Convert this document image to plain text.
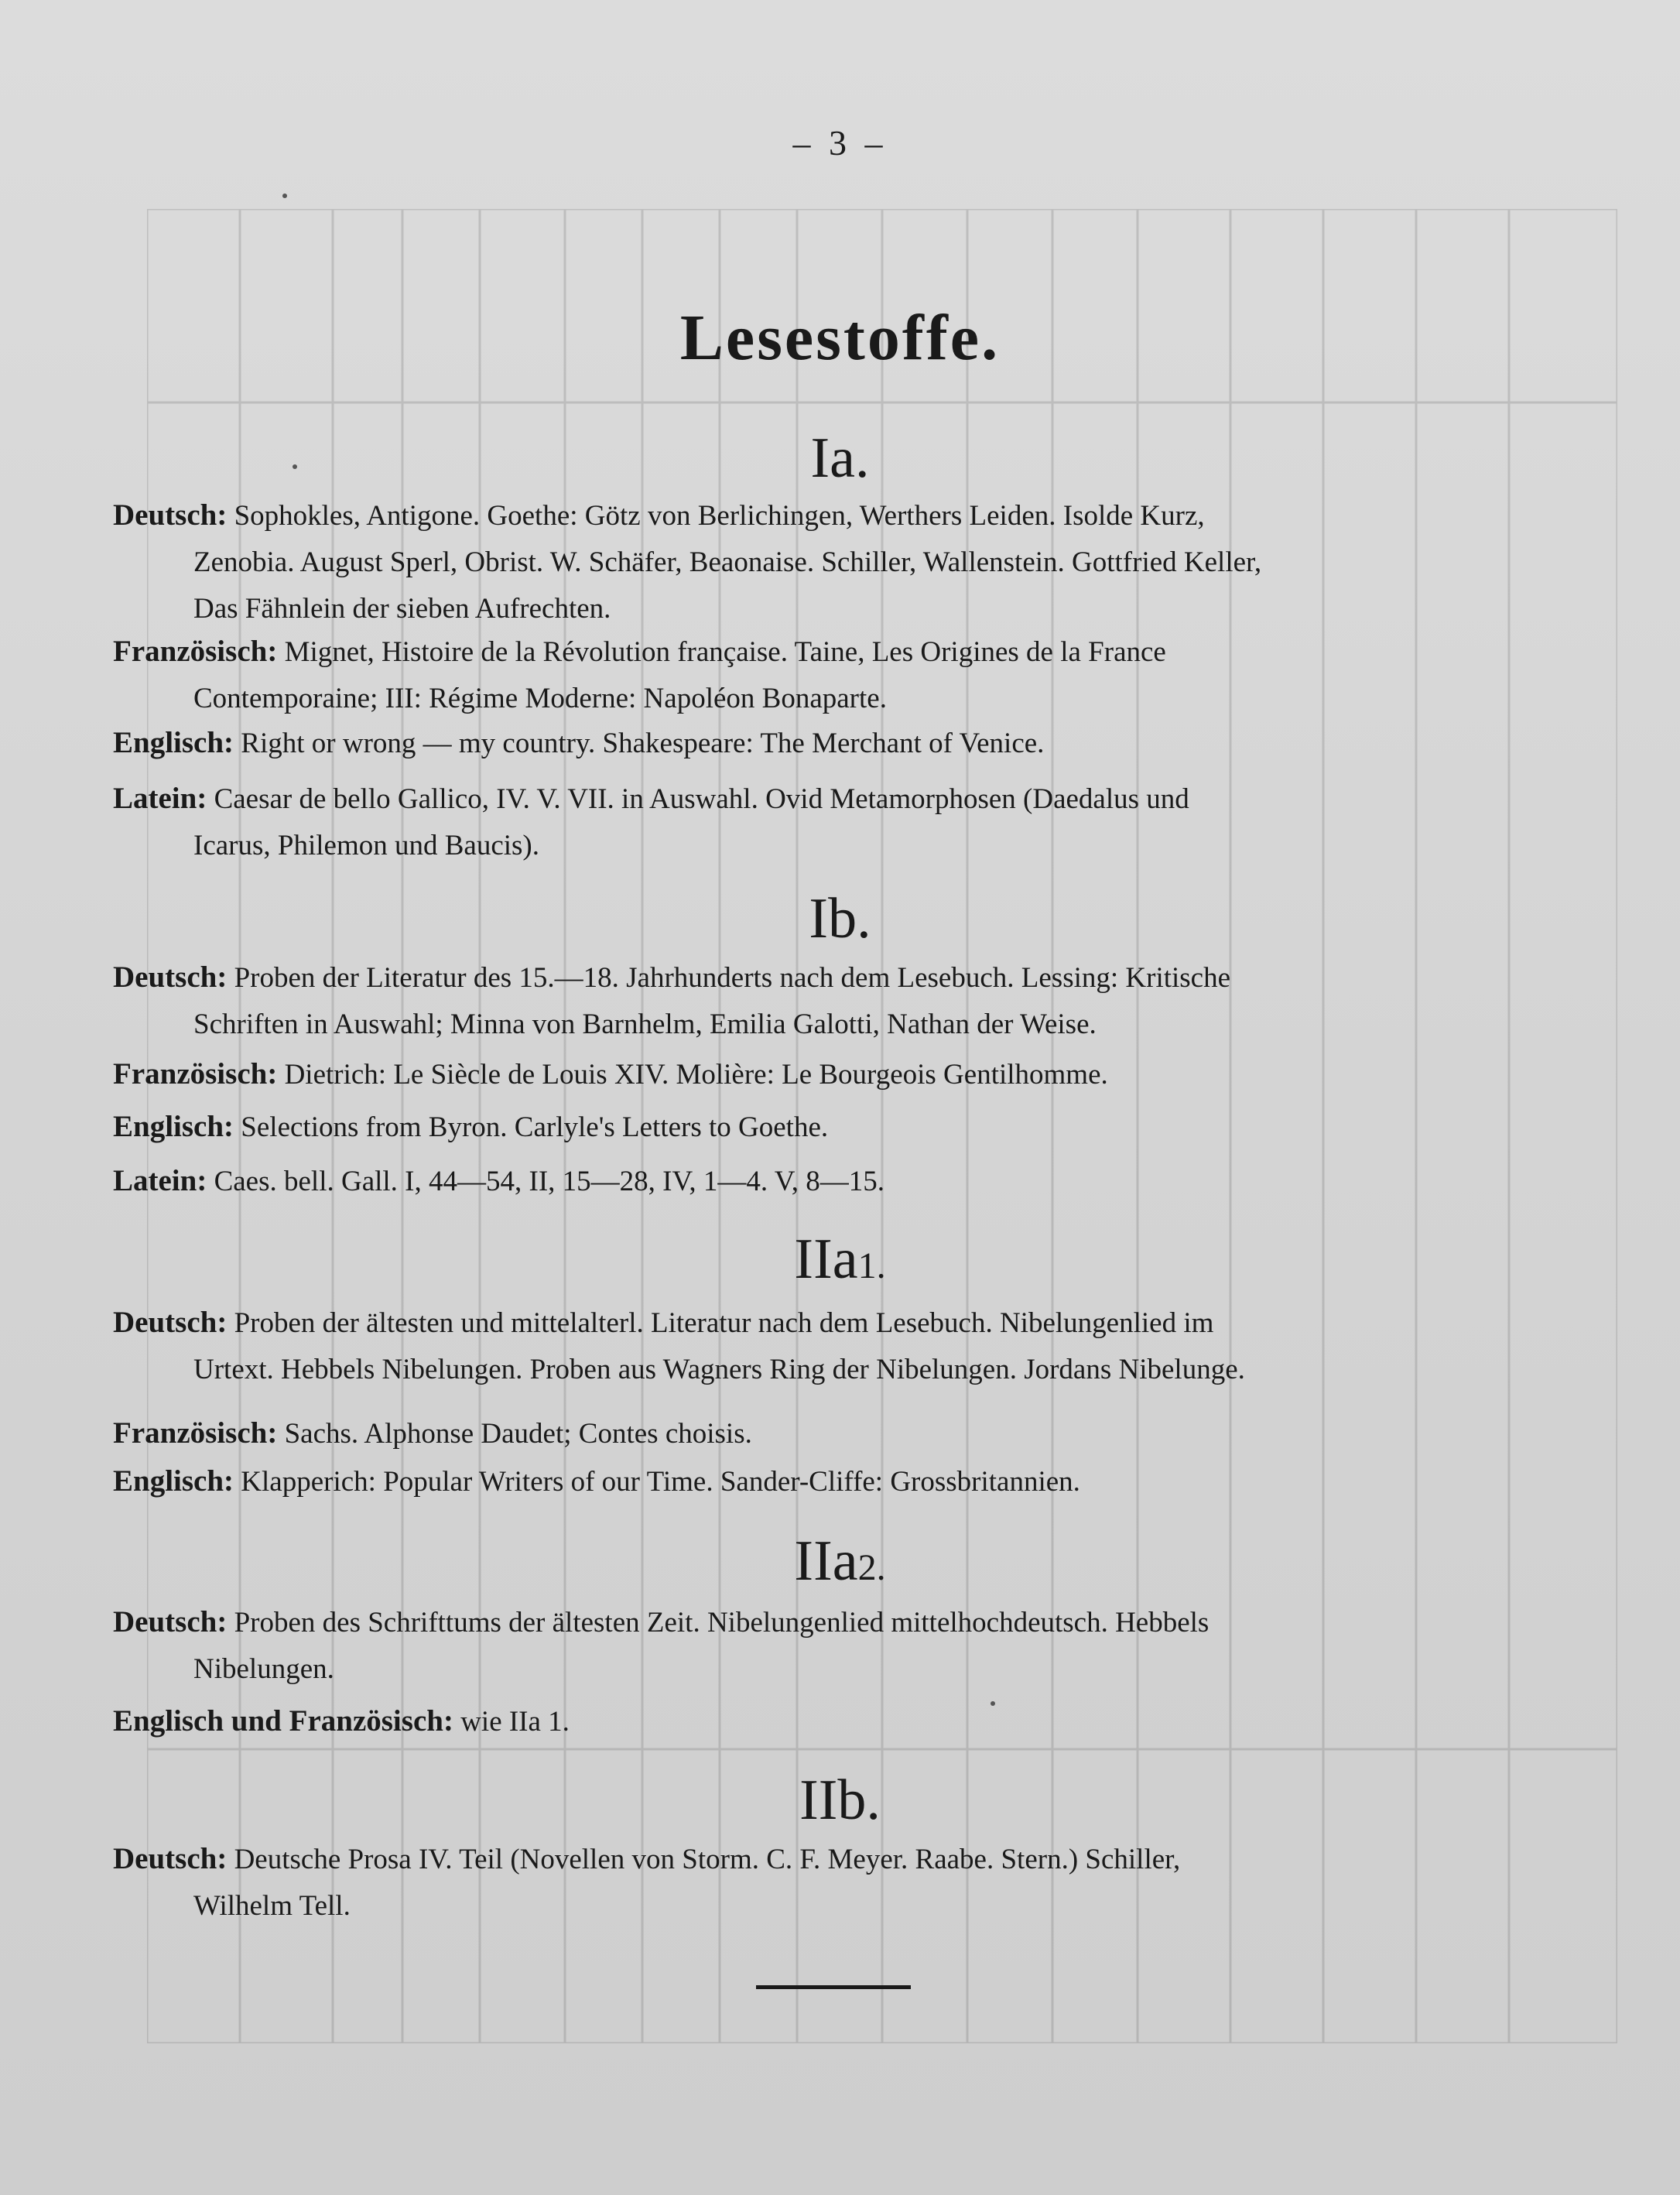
– 3 –
Lesestoffe.
Ia.
Deutsch: Sophokles, Antigone. Goethe: Götz von Berlichingen, Werthers Leiden. Isolde Kurz,
Zenobia. August Sperl, Obrist. W. Schäfer, Beaonaise. Schiller, Wallenstein. Gottfried Keller,
Das Fähnlein der sieben Aufrechten.
Französisch: Mignet, Histoire de la Révolution française. Taine, Les Origines de la France
Contemporaine; III: Régime Moderne: Napoléon Bonaparte.
Englisch: Right or wrong — my country. Shakespeare: The Merchant of Venice.
Latein: Caesar de bello Gallico, IV. V. VII. in Auswahl. Ovid Metamorphosen (Daedalus und
Icarus, Philemon und Baucis).
Ib.
Deutsch: Proben der Literatur des 15.—18. Jahrhunderts nach dem Lesebuch. Lessing: Kritische
Schriften in Auswahl; Minna von Barnhelm, Emilia Galotti, Nathan der Weise.
Französisch: Dietrich: Le Siècle de Louis XIV. Molière: Le Bourgeois Gentilhomme.
Englisch: Selections from Byron. Carlyle's Letters to Goethe.
Latein: Caes. bell. Gall. I, 44—54, II, 15—28, IV, 1—4. V, 8—15.
IIa1.
Deutsch: Proben der ältesten und mittelalterl. Literatur nach dem Lesebuch. Nibelungenlied im
Urtext. Hebbels Nibelungen. Proben aus Wagners Ring der Nibelungen. Jordans Nibelunge.
Französisch: Sachs. Alphonse Daudet; Contes choisis.
Englisch: Klapperich: Popular Writers of our Time. Sander-Cliffe: Grossbritannien.
IIa2.
Deutsch: Proben des Schrifttums der ältesten Zeit. Nibelungenlied mittelhochdeutsch. Hebbels
Nibelungen.
Englisch und Französisch: wie IIa 1.
IIb.
Deutsch: Deutsche Prosa IV. Teil (Novellen von Storm. C. F. Meyer. Raabe. Stern.) Schiller,
Wilhelm Tell.
